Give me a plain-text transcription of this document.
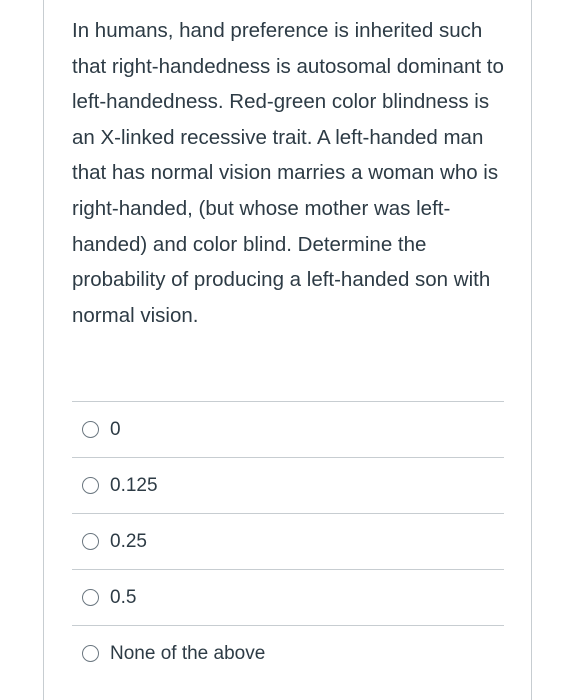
In humans, hand preference is inherited such that right-handedness is autosomal dominant to left-handedness. Red-green color blindness is an X-linked recessive trait. A left-handed man that has normal vision marries a woman who is right-handed, (but whose mother was left-handed) and color blind. Determine the probability of producing a left-handed son with normal vision.
0
0.125
0.25
0.5
None of the above
